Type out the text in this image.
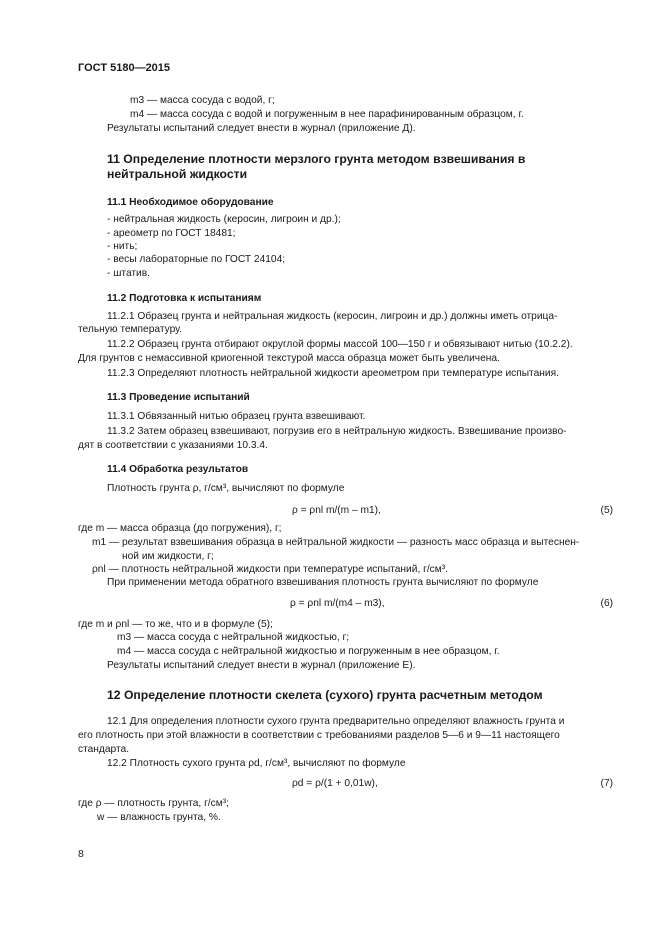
ГОСТ 5180—2015
m3 — масса сосуда с водой, г;
m4 — масса сосуда с водой и погруженным в нее парафинированным образцом, г.
Результаты испытаний следует внести в журнал (приложение Д).
11 Определение плотности мерзлого грунта методом взвешивания в
нейтральной жидкости
11.1 Необходимое оборудование
- нейтральная жидкость (керосин, лигроин и др.);
- ареометр по ГОСТ 18481;
- нить;
- весы лабораторные по ГОСТ 24104;
- штатив.
11.2 Подготовка к испытаниям
11.2.1 Образец грунта и нейтральная жидкость (керосин, лигроин и др.) должны иметь отрица-
тельную температуру.
11.2.2 Образец грунта отбирают округлой формы массой 100—150 г и обвязывают нитью (10.2.2).
Для грунтов с немассивной криогенной текстурой масса образца может быть увеличена.
11.2.3 Определяют плотность нейтральной жидкости ареометром при температуре испытания.
11.3 Проведение испытаний
11.3.1 Обвязанный нитью образец грунта взвешивают.
11.3.2 Затем образец взвешивают, погрузив его в нейтральную жидкость. Взвешивание произво-
дят в соответствии с указаниями 10.3.4.
11.4 Обработка результатов
Плотность грунта ρ, г/см³, вычисляют по формуле
ρ = ρnl m/(m – m1),	(5)
где m — масса образца (до погружения), г;
m1 — результат взвешивания образца в нейтральной жидкости — разность масс образца и вытеснен-
ной им жидкости, г;
ρnl — плотность нейтральной жидкости при температуре испытаний, г/см³.
При применении метода обратного взвешивания плотность грунта вычисляют по формуле
ρ = ρnl m/(m4 – m3),	(6)
где m и ρnl — то же, что и в формуле (5);
m3 — масса сосуда с нейтральной жидкостью, г;
m4 — масса сосуда с нейтральной жидкостью и погруженным в нее образцом, г.
Результаты испытаний следует внести в журнал (приложение Е).
12 Определение плотности скелета (сухого) грунта расчетным методом
12.1 Для определения плотности сухого грунта предварительно определяют влажность грунта и
его плотность при этой влажности в соответствии с требованиями разделов 5—6 и 9—11 настоящего
стандарта.
12.2 Плотность сухого грунта ρd, г/см³, вычисляют по формуле
ρd = ρ/(1 + 0,01w),	(7)
где ρ — плотность грунта, г/см³;
w — влажность грунта, %.
8
